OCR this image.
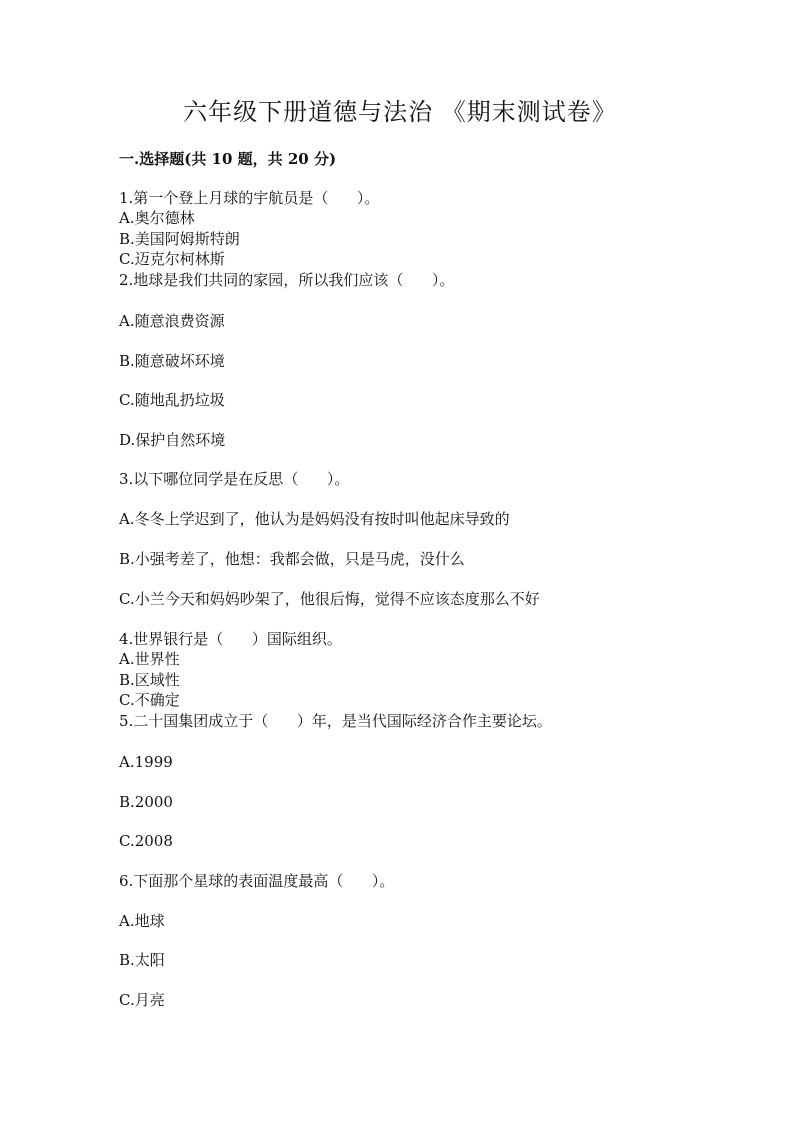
六年级下册道德与法治 《期末测试卷》
一.选择题(共 10 题，共 20 分)
1.第一个登上月球的宇航员是（      ）。
A.奥尔德林
B.美国阿姆斯特朗
C.迈克尔柯林斯
2.地球是我们共同的家园，所以我们应该（      ）。
A.随意浪费资源
B.随意破坏环境
C.随地乱扔垃圾
D.保护自然环境
3.以下哪位同学是在反思（      ）。
A.冬冬上学迟到了，他认为是妈妈没有按时叫他起床导致的
B.小强考差了，他想：我都会做，只是马虎，没什么
C.小兰今天和妈妈吵架了，他很后悔，觉得不应该态度那么不好
4.世界银行是（      ）国际组织。
A.世界性
B.区域性
C.不确定
5.二十国集团成立于（      ）年，是当代国际经济合作主要论坛。
A.1999
B.2000
C.2008
6.下面那个星球的表面温度最高（      ）。
A.地球
B.太阳
C.月亮
